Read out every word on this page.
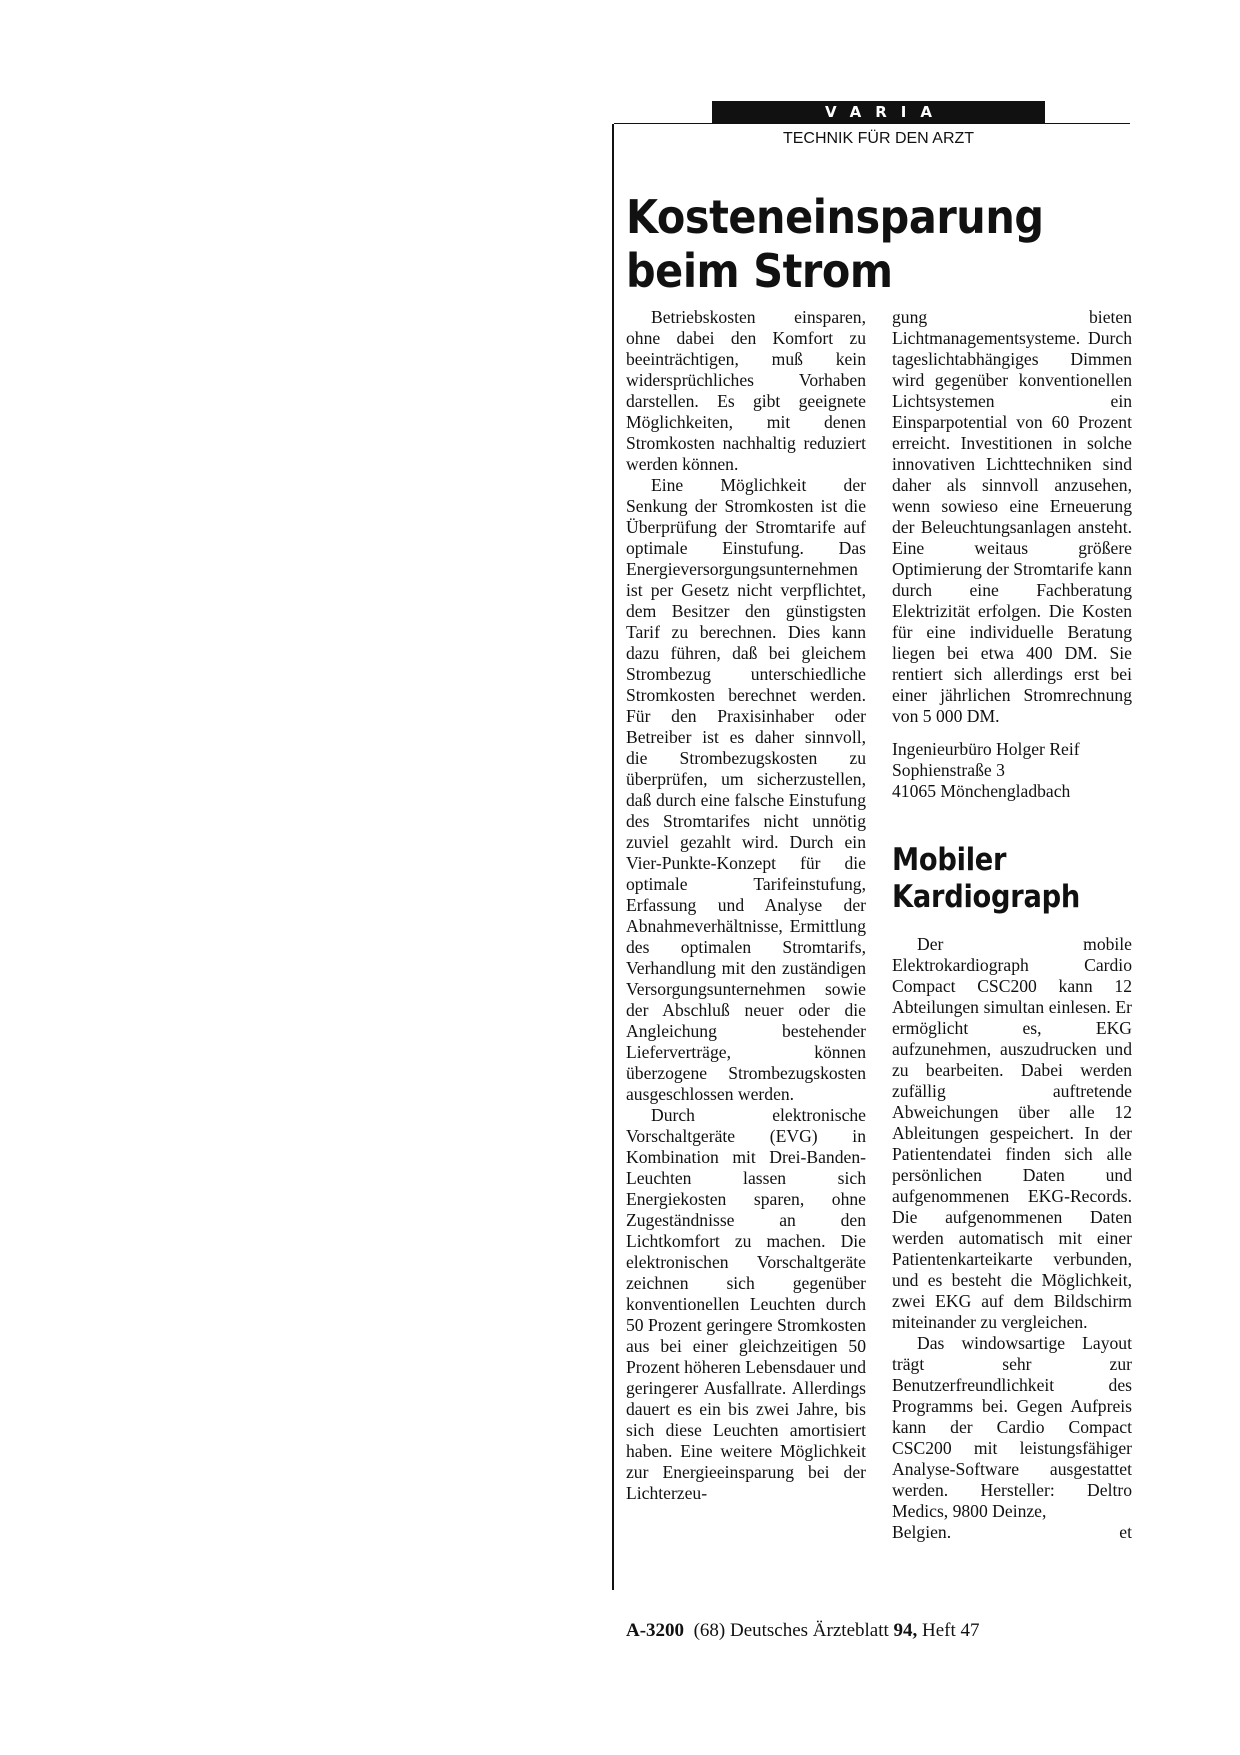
VARIA
TECHNIK FÜR DEN ARZT
Kosteneinsparung
beim Strom

Betriebskosten einsparen, ohne dabei den Komfort zu beeinträchtigen, muß kein widersprüchliches Vorhaben darstellen. Es gibt geeignete Möglichkeiten, mit denen Stromkosten nachhaltig reduziert werden können.

Eine Möglichkeit der Senkung der Stromkosten ist die Überprüfung der Stromtarife auf optimale Einstufung. Das Energieversorgungsunternehmen ist per Gesetz nicht verpflichtet, dem Besitzer den günstigsten Tarif zu berechnen. Dies kann dazu führen, daß bei gleichem Strombezug unterschiedliche Stromkosten berechnet werden. Für den Praxisinhaber oder Betreiber ist es daher sinnvoll, die Strombezugskosten zu überprüfen, um sicherzustellen, daß durch eine falsche Einstufung des Stromtarifes nicht unnötig zuviel gezahlt wird. Durch ein Vier-Punkte-Konzept für die optimale Tarifeinstufung, Erfassung und Analyse der Abnahmeverhältnisse, Ermittlung des optimalen Stromtarifs, Verhandlung mit den zuständigen Versorgungsunternehmen sowie der Abschluß neuer oder die Angleichung bestehender Lieferverträge, können überzogene Strombezugskosten ausgeschlossen werden.

Durch elektronische Vorschaltgeräte (EVG) in Kombination mit Drei-Banden-Leuchten lassen sich Energiekosten sparen, ohne Zugeständnisse an den Lichtkomfort zu machen. Die elektronischen Vorschaltgeräte zeichnen sich gegenüber konventionellen Leuchten durch 50 Prozent geringere Stromkosten aus bei einer gleichzeitigen 50 Prozent höheren Lebensdauer und geringerer Ausfallrate. Allerdings dauert es ein bis zwei Jahre, bis sich diese Leuchten amortisiert haben. Eine weitere Möglichkeit zur Energieeinsparung bei der Lichterzeu-

gung bieten Lichtmanagementsysteme. Durch tageslichtabhängiges Dimmen wird gegenüber konventionellen Lichtsystemen ein Einsparpotential von 60 Prozent erreicht. Investitionen in solche innovativen Lichttechniken sind daher als sinnvoll anzusehen, wenn sowieso eine Erneuerung der Beleuchtungsanlagen ansteht. Eine weitaus größere Optimierung der Stromtarife kann durch eine Fachberatung Elektrizität erfolgen. Die Kosten für eine individuelle Beratung liegen bei etwa 400 DM. Sie rentiert sich allerdings erst bei einer jährlichen Stromrechnung von 5 000 DM.

Ingenieurbüro Holger Reif
Sophienstraße 3
41065 Mönchengladbach
Mobiler
Kardiograph

Der mobile Elektrokardiograph Cardio Compact CSC200 kann 12 Abteilungen simultan einlesen. Er ermöglicht es, EKG aufzunehmen, auszudrucken und zu bearbeiten. Dabei werden zufällig auftretende Abweichungen über alle 12 Ableitungen gespeichert. In der Patientendatei finden sich alle persönlichen Daten und aufgenommenen EKG-Records. Die aufgenommenen Daten werden automatisch mit einer Patientenkarteikarte verbunden, und es besteht die Möglichkeit, zwei EKG auf dem Bildschirm miteinander zu vergleichen.

Das windowsartige Layout trägt sehr zur Benutzerfreundlichkeit des Programms bei. Gegen Aufpreis kann der Cardio Compact CSC200 mit leistungsfähiger Analyse-Software ausgestattet werden. Hersteller: Deltro Medics, 9800 Deinze,

Belgien.	et
A-3200 (68) Deutsches Ärzteblatt 94, Heft 47
